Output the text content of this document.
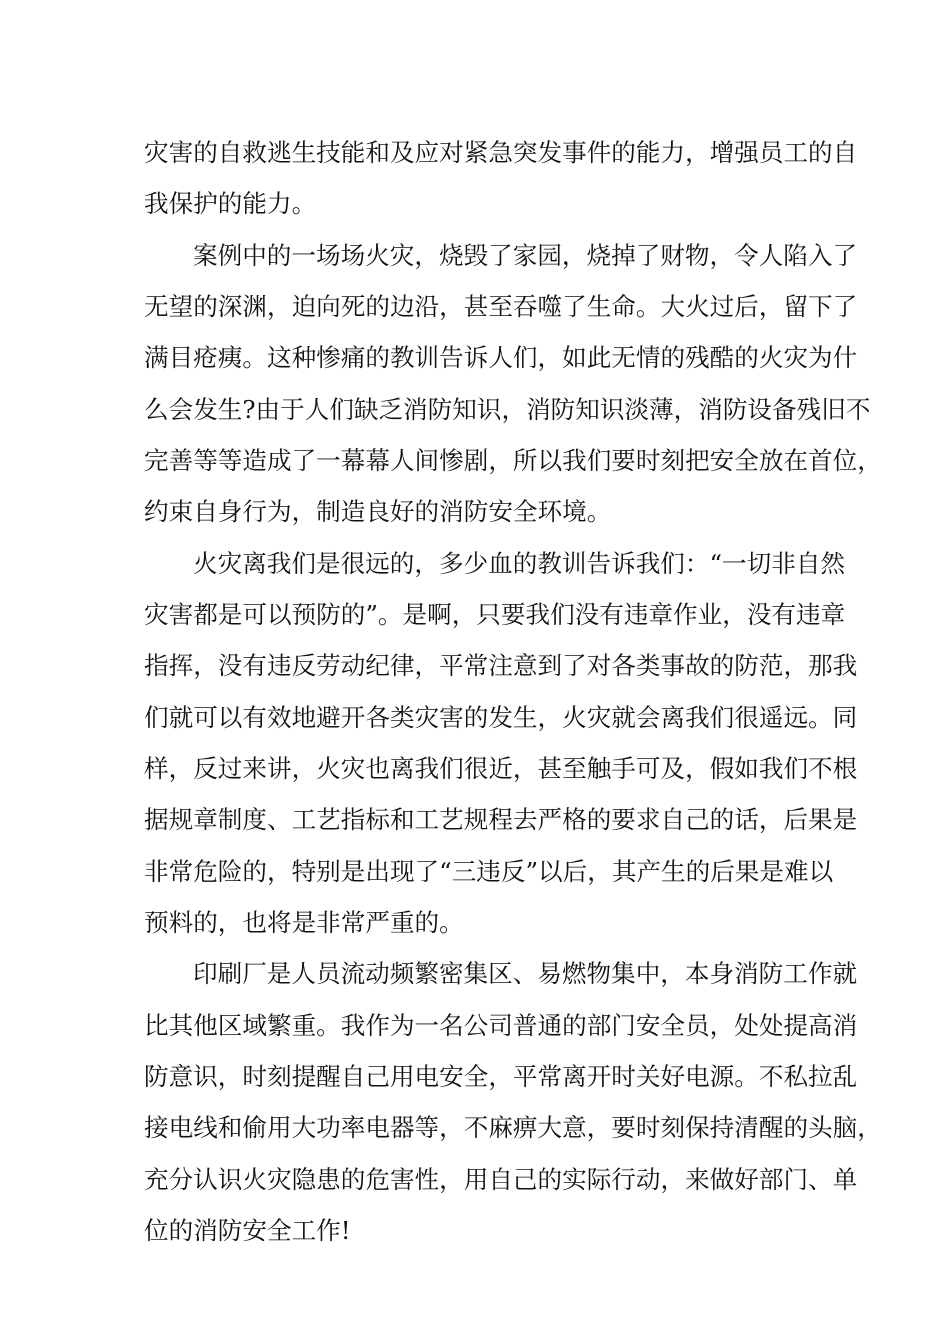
灾害的自救逃生技能和及应对紧急突发事件的能力，增强员工的自
我保护的能力。
案例中的一场场火灾，烧毁了家园，烧掉了财物，令人陷入了
无望的深渊，迫向死的边沿，甚至吞噬了生命。大火过后，留下了
满目疮痍。这种惨痛的教训告诉人们，如此无情的残酷的火灾为什
么会发生?由于人们缺乏消防知识，消防知识淡薄，消防设备残旧不
完善等等造成了一幕幕人间惨剧，所以我们要时刻把安全放在首位，
约束自身行为，制造良好的消防安全环境。
火灾离我们是很远的，多少血的教训告诉我们：“一切非自然
灾害都是可以预防的”。是啊，只要我们没有违章作业，没有违章
指挥，没有违反劳动纪律，平常注意到了对各类事故的防范，那我
们就可以有效地避开各类灾害的发生，火灾就会离我们很遥远。同
样，反过来讲，火灾也离我们很近，甚至触手可及，假如我们不根
据规章制度、工艺指标和工艺规程去严格的要求自己的话，后果是
非常危险的，特别是出现了“三违反”以后，其产生的后果是难以
预料的，也将是非常严重的。
印刷厂是人员流动频繁密集区、易燃物集中，本身消防工作就
比其他区域繁重。我作为一名公司普通的部门安全员，处处提高消
防意识，时刻提醒自己用电安全，平常离开时关好电源。不私拉乱
接电线和偷用大功率电器等，不麻痹大意，要时刻保持清醒的头脑，
充分认识火灾隐患的危害性，用自己的实际行动，来做好部门、单
位的消防安全工作!
